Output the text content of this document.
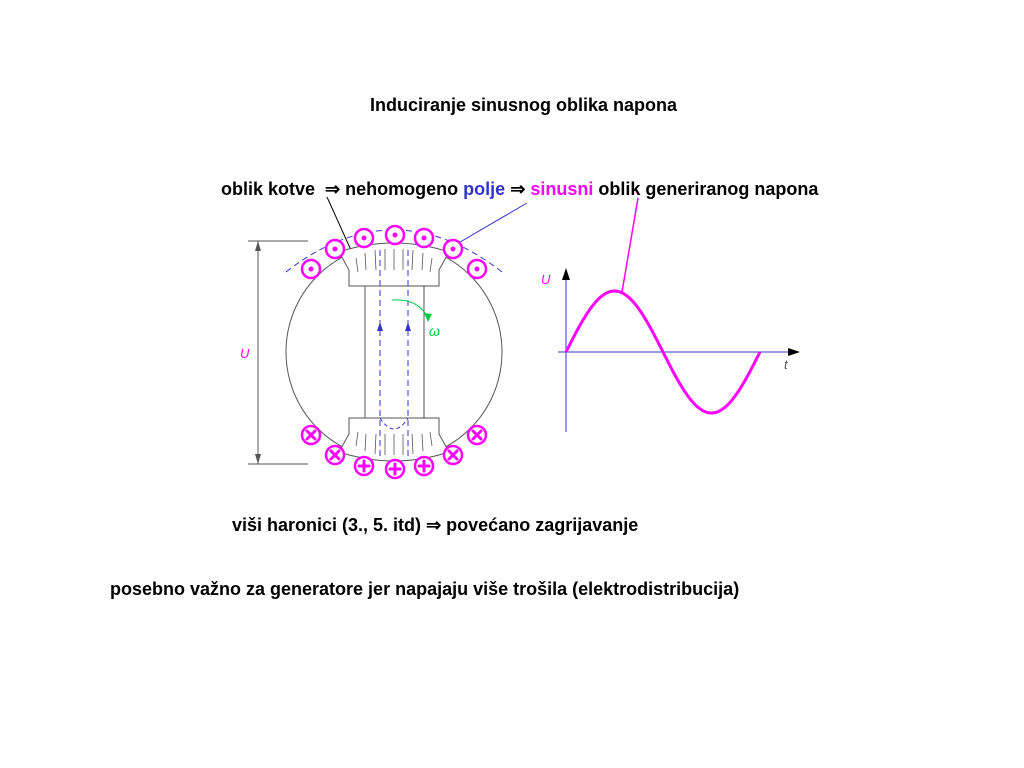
Induciranje sinusnog oblika napona
oblik kotve ⇒ nehomogeno polje ⇒ sinusni oblik generiranog napona
viši haronici (3., 5. itd) ⇒ povećano zagrijavanje
posebno važno za generatore jer napajaju više trošila (elektrodistribucija)
ω
U
U
t
